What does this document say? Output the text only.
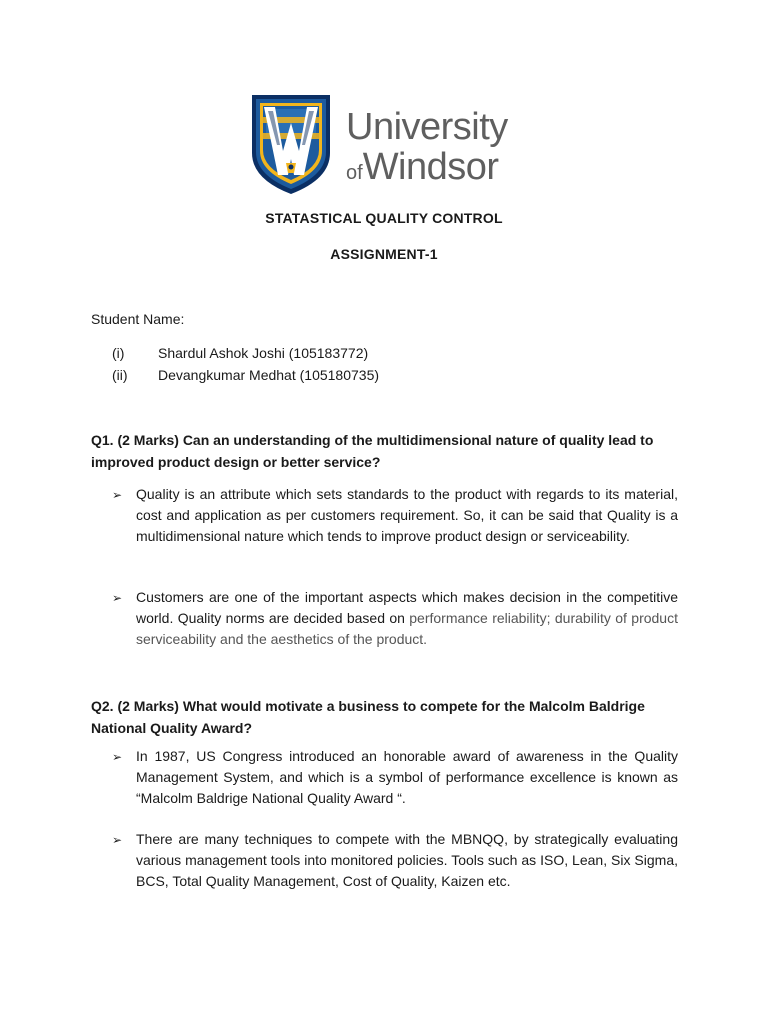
University
ofWindsor
STATASTICAL QUALITY CONTROL
ASSIGNMENT-1
Student Name:
(i)	Shardul Ashok Joshi (105183772)
(ii)	Devangkumar Medhat (105180735)
Q1. (2 Marks) Can an understanding of the multidimensional nature of quality lead to improved product design or better service?
➢ Quality is an attribute which sets standards to the product with regards to its material, cost and application as per customers requirement. So, it can be said that Quality is a multidimensional nature which tends to improve product design or serviceability.
➢ Customers are one of the important aspects which makes decision in the competitive world. Quality norms are decided based on performance reliability; durability of product serviceability and the aesthetics of the product.
Q2. (2 Marks) What would motivate a business to compete for the Malcolm Baldrige National Quality Award?
➢ In 1987, US Congress introduced an honorable award of awareness in the Quality Management System, and which is a symbol of performance excellence is known as “Malcolm Baldrige National Quality Award “.
➢ There are many techniques to compete with the MBNQQ, by strategically evaluating various management tools into monitored policies. Tools such as ISO, Lean, Six Sigma, BCS, Total Quality Management, Cost of Quality, Kaizen etc.
